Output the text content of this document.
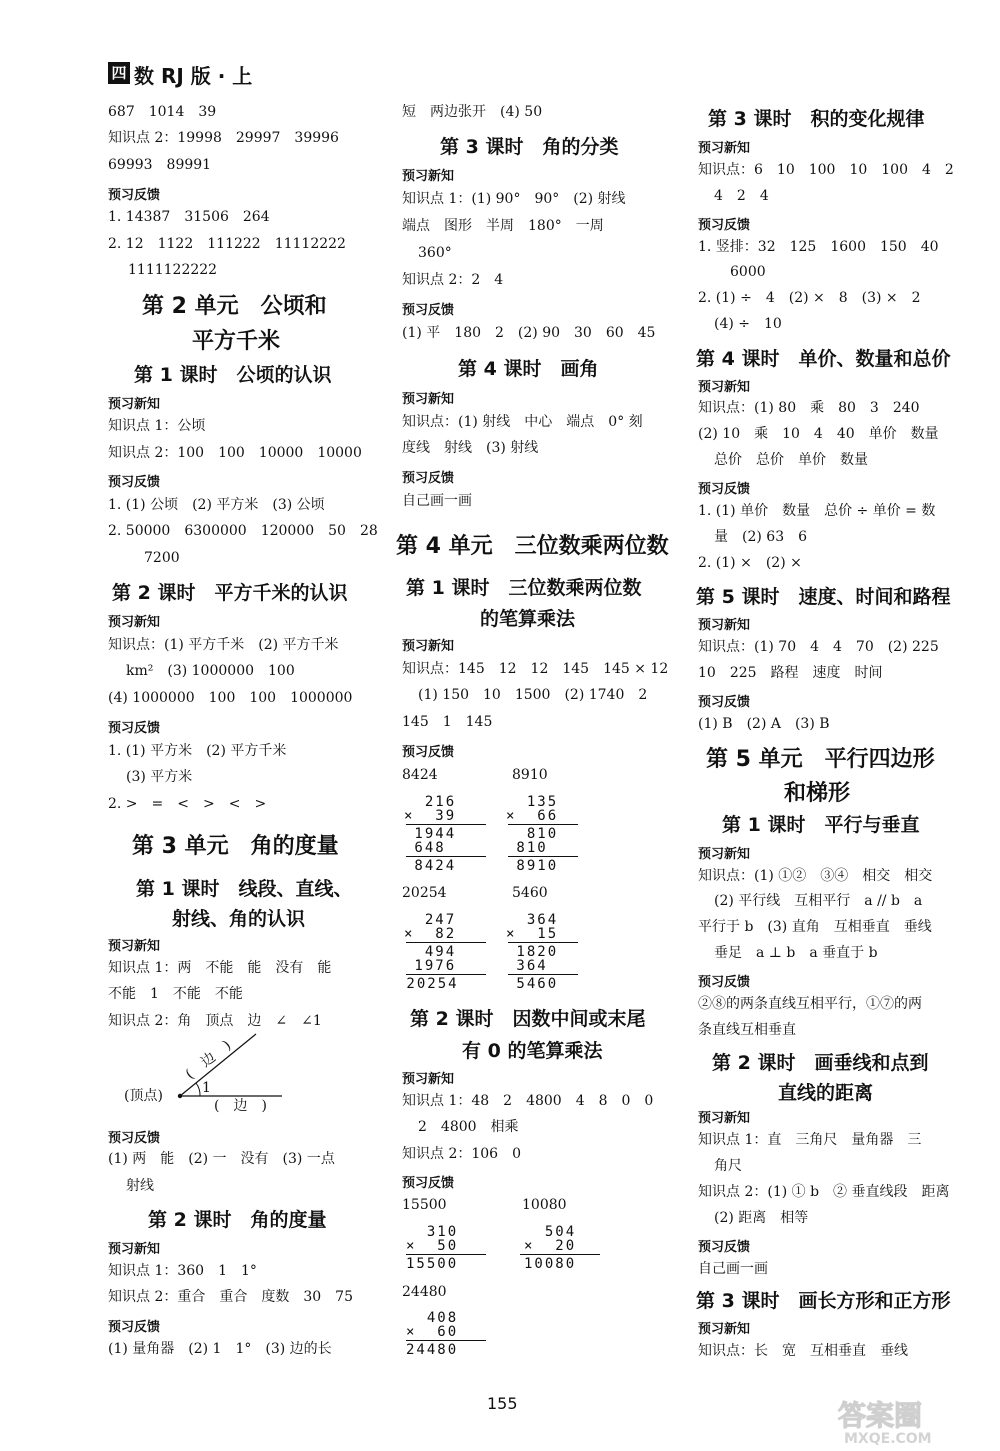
四 数 RJ 版 · 上
687　1014　39
知识点 2：19998　29997　39996
69993　89991
预习反馈
1. 14387　31506　264
2. 12　1122　111222　11112222
1111122222
第 2 单元　公顷和
平方千米
第 1 课时　公顷的认识
预习新知
知识点 1：公顷
知识点 2：100　100　10000　10000
预习反馈
1. (1) 公顷　(2) 平方米　(3) 公顷
2. 50000　6300000　120000　50　28
7200
第 2 课时　平方千米的认识
预习新知
知识点：(1) 平方千米　(2) 平方千米
km²　(3) 1000000　100
(4) 1000000　100　100　1000000
预习反馈
1. (1) 平方米　(2) 平方千米
(3) 平方米
2. >　=　<　>　<　>
第 3 单元　角的度量
第 1 课时　线段、直线、
射线、角的认识
预习新知
知识点 1：两　不能　能　没有　能
不能　1　不能　不能
知识点 2：角　顶点　边　∠　∠1
(　边　)
1
(顶点)
(　边　)
预习反馈
(1) 两　能　(2) 一　没有　(3) 一点
射线
第 2 课时　角的度量
预习新知
知识点 1：360　1　1°
知识点 2：重合　重合　度数　30　75
预习反馈
(1) 量角器　(2) 1　1°　(3) 边的长
短　两边张开　(4) 50
第 3 课时　角的分类
预习新知
知识点 1：(1) 90°　90°　(2) 射线
端点　图形　半周　180°　一周
360°
知识点 2：2　4
预习反馈
(1) 平　180　2　(2) 90　30　60　45
第 4 课时　画角
预习新知
知识点：(1) 射线　中心　端点　0° 刻
度线　射线　(3) 射线
预习反馈
自己画一画
第 4 单元　三位数乘两位数
第 1 课时　三位数乘两位数
的笔算乘法
预习新知
知识点：145　12　12　145　145 × 12
(1) 150　10　1500　(2) 1740　2
145　1　145
预习反馈
8424	8910
216
×  39
1944
648
8424
135
×  66
810
810
8910
20254	5460
247
×  82
494
1976
20254
364
×  15
1820
364
5460
第 2 课时　因数中间或末尾
有 0 的笔算乘法
预习新知
知识点 1：48　2　4800　4　8　0　0
2　4800　相乘
知识点 2：106　0
预习反馈
15500	10080
310
×  50
15500
504
×  20
10080
24480
408
×  60
24480
第 3 课时　积的变化规律
预习新知
知识点：6　10　100　10　100　4　2
4　2　4
预习反馈
1. 竖排：32　125　1600　150　40
6000
2. (1) ÷　4　(2) ×　8　(3) ×　2
(4) ÷　10
第 4 课时　单价、数量和总价
预习新知
知识点：(1) 80　乘　80　3　240
(2) 10　乘　10　4　40　单价　数量
总价　总价　单价　数量
预习反馈
1. (1) 单价　数量　总价 ÷ 单价 = 数
量　(2) 63　6
2. (1) ×　(2) ×
第 5 课时　速度、时间和路程
预习新知
知识点：(1) 70　4　4　70　(2) 225
10　225　路程　速度　时间
预习反馈
(1) B　(2) A　(3) B
第 5 单元　平行四边形
和梯形
第 1 课时　平行与垂直
预习新知
知识点：(1) ①②　③④　相交　相交
(2) 平行线　互相平行　a // b　a
平行于 b　(3) 直角　互相垂直　垂线
垂足　a ⊥ b　a 垂直于 b
预习反馈
②⑧的两条直线互相平行，①⑦的两
条直线互相垂直
第 2 课时　画垂线和点到
直线的距离
预习新知
知识点 1：直　三角尺　量角器　三
角尺
知识点 2：(1) ① b　② 垂直线段　距离
(2) 距离　相等
预习反馈
自己画一画
第 3 课时　画长方形和正方形
预习新知
知识点：长　宽　互相垂直　垂线
155	答案圈
MXQE.COM
